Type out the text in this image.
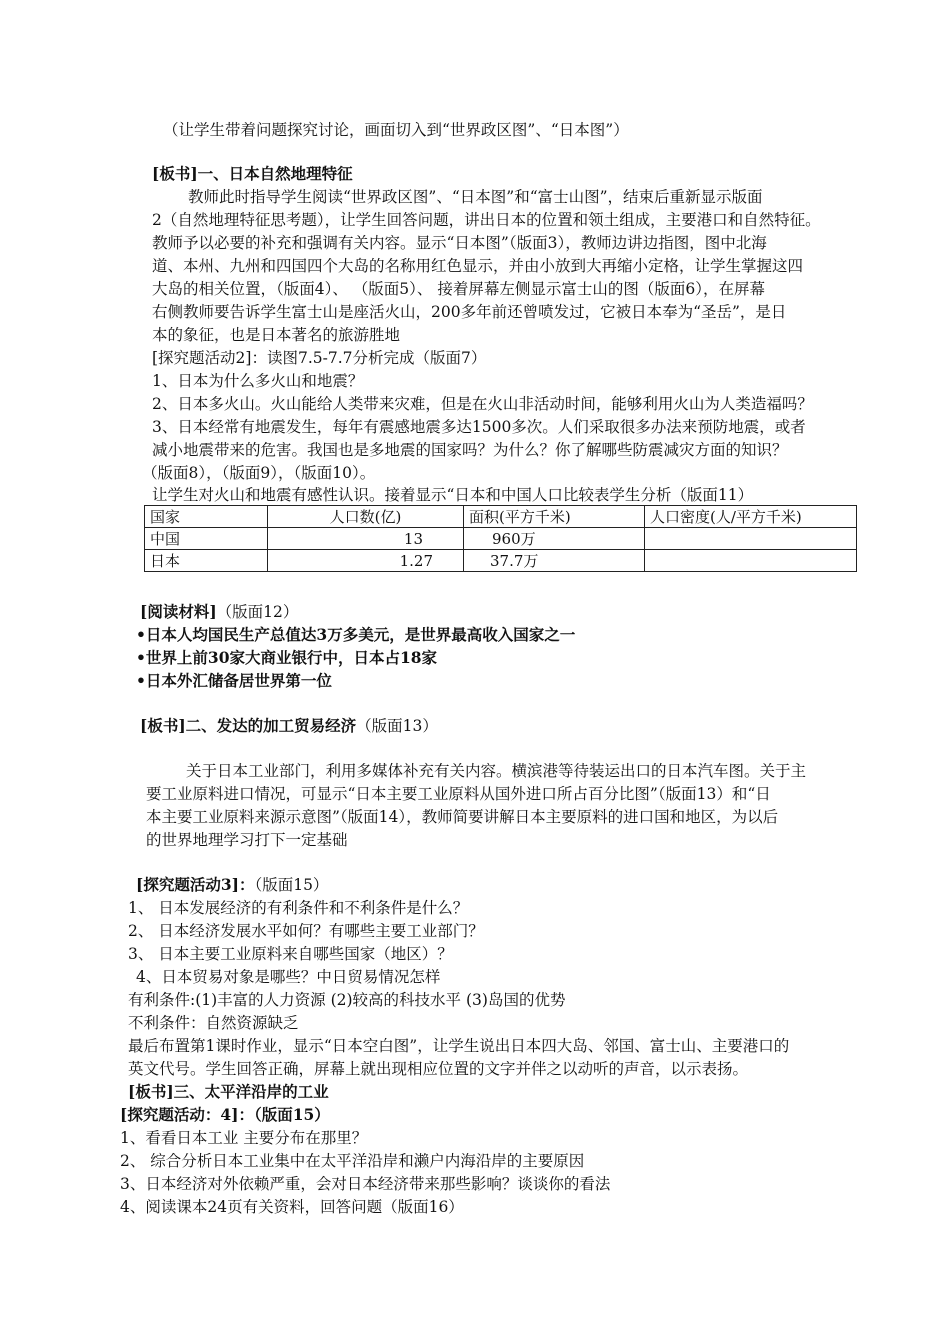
（让学生带着问题探究讨论，画面切入到“世界政区图”、“日本图”）
[板书]一、日本自然地理特征
教师此时指导学生阅读“世界政区图”、“日本图”和“富士山图”，结束后重新显示版面
2（自然地理特征思考题），让学生回答问题，讲出日本的位置和领土组成，主要港口和自然特征。
教师予以必要的补充和强调有关内容。显示“日本图”（版面3），教师边讲边指图，图中北海
道、本州、九州和四国四个大岛的名称用红色显示，并由小放到大再缩小定格，让学生掌握这四
大岛的相关位置，（版面4）、 （版面5）、 接着屏幕左侧显示富士山的图（版面6），在屏幕
右侧教师要告诉学生富士山是座活火山，200多年前还曾喷发过，它被日本奉为“圣岳”，是日
本的象征，也是日本著名的旅游胜地
[探究题活动2]：读图7.5-7.7分析完成（版面7）
1、日本为什么多火山和地震？
2、日本多火山。火山能给人类带来灾难，但是在火山非活动时间，能够利用火山为人类造福吗？
3、日本经常有地震发生，每年有震感地震多达1500多次。人们采取很多办法来预防地震，或者
减小地震带来的危害。我国也是多地震的国家吗？为什么？你了解哪些防震减灾方面的知识？
（版面8），（版面9），（版面10）。
让学生对火山和地震有感性认识。接着显示“日本和中国人口比较表学生分析（版面11）
国家	人口数(亿)	面积(平方千米)	人口密度(人/平方千米)
中国	13	960万	
日本	1.27	37.7万	
[阅读材料]（版面12）
•日本人均国民生产总值达3万多美元，是世界最高收入国家之一
•世界上前30家大商业银行中，日本占18家
•日本外汇储备居世界第一位
[板书]二、发达的加工贸易经济（版面13）
关于日本工业部门，利用多媒体补充有关内容。横滨港等待装运出口的日本汽车图。关于主
要工业原料进口情况，可显示“日本主要工业原料从国外进口所占百分比图”（版面13）和“日
本主要工业原料来源示意图”（版面14），教师简要讲解日本主要原料的进口国和地区，为以后
的世界地理学习打下一定基础
[探究题活动3]：（版面15）
1、 日本发展经济的有利条件和不利条件是什么？
2、 日本经济发展水平如何？有哪些主要工业部门？
3、 日本主要工业原料来自哪些国家（地区）？
4、日本贸易对象是哪些？中日贸易情况怎样
有利条件:(1)丰富的人力资源 (2)较高的科技水平 (3)岛国的优势
不利条件：自然资源缺乏
最后布置第1课时作业，显示“日本空白图”，让学生说出日本四大岛、邻国、富士山、主要港口的
英文代号。学生回答正确，屏幕上就出现相应位置的文字并伴之以动听的声音，以示表扬。
[板书]三、太平洋沿岸的工业
[探究题活动：4]：（版面15）
1、看看日本工业 主要分布在那里？
2、 综合分析日本工业集中在太平洋沿岸和濑户内海沿岸的主要原因
3、日本经济对外依赖严重，会对日本经济带来那些影响？谈谈你的看法
4、阅读课本24页有关资料，回答问题（版面16）
